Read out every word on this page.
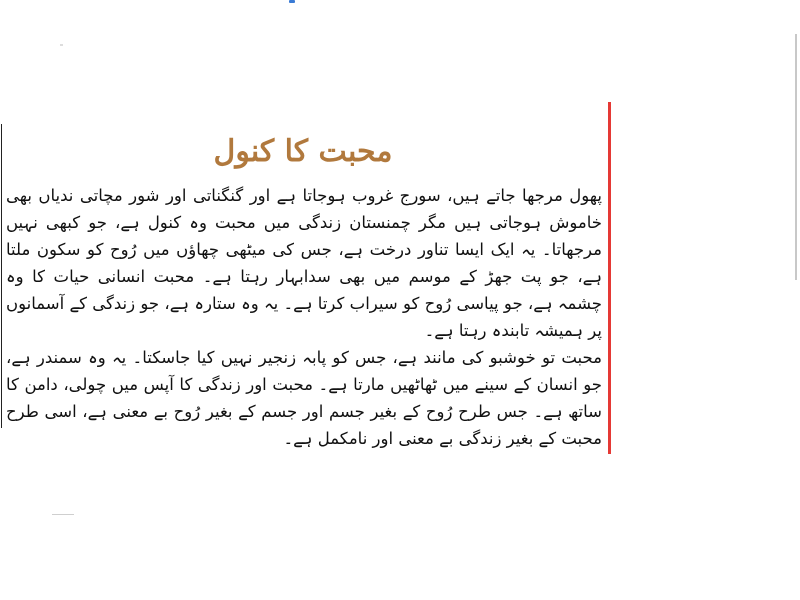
محبت کا کنول

پھول مرجھا جاتے ہیں، سورج غروب ہوجاتا ہے اور گنگناتی اور شور مچاتی ندیاں بھی خاموش ہوجاتی ہیں مگر چمنستان زندگی میں محبت وہ کنول ہے، جو کبھی نہیں مرجھاتا۔ یہ ایک ایسا تناور درخت ہے، جس کی میٹھی چھاؤں میں رُوح کو سکون ملتا ہے، جو پت جھڑ کے موسم میں بھی سدابہار رہتا ہے۔ محبت انسانی حیات کا وہ چشمہ ہے، جو پیاسی رُوح کو سیراب کرتا ہے۔ یہ وہ ستارہ ہے، جو زندگی کے آسمانوں پر ہمیشہ تابندہ رہتا ہے۔

محبت تو خوشبو کی مانند ہے، جس کو پابہ زنجیر نہیں کیا جاسکتا۔ یہ وہ سمندر ہے، جو انسان کے سینے میں ٹھاٹھیں مارتا ہے۔ محبت اور زندگی کا آپس میں چولی، دامن کا ساتھ ہے۔ جس طرح رُوح کے بغیر جسم اور جسم کے بغیر رُوح بے معنی ہے، اسی طرح محبت کے بغیر زندگی بے معنی اور نامکمل ہے۔
